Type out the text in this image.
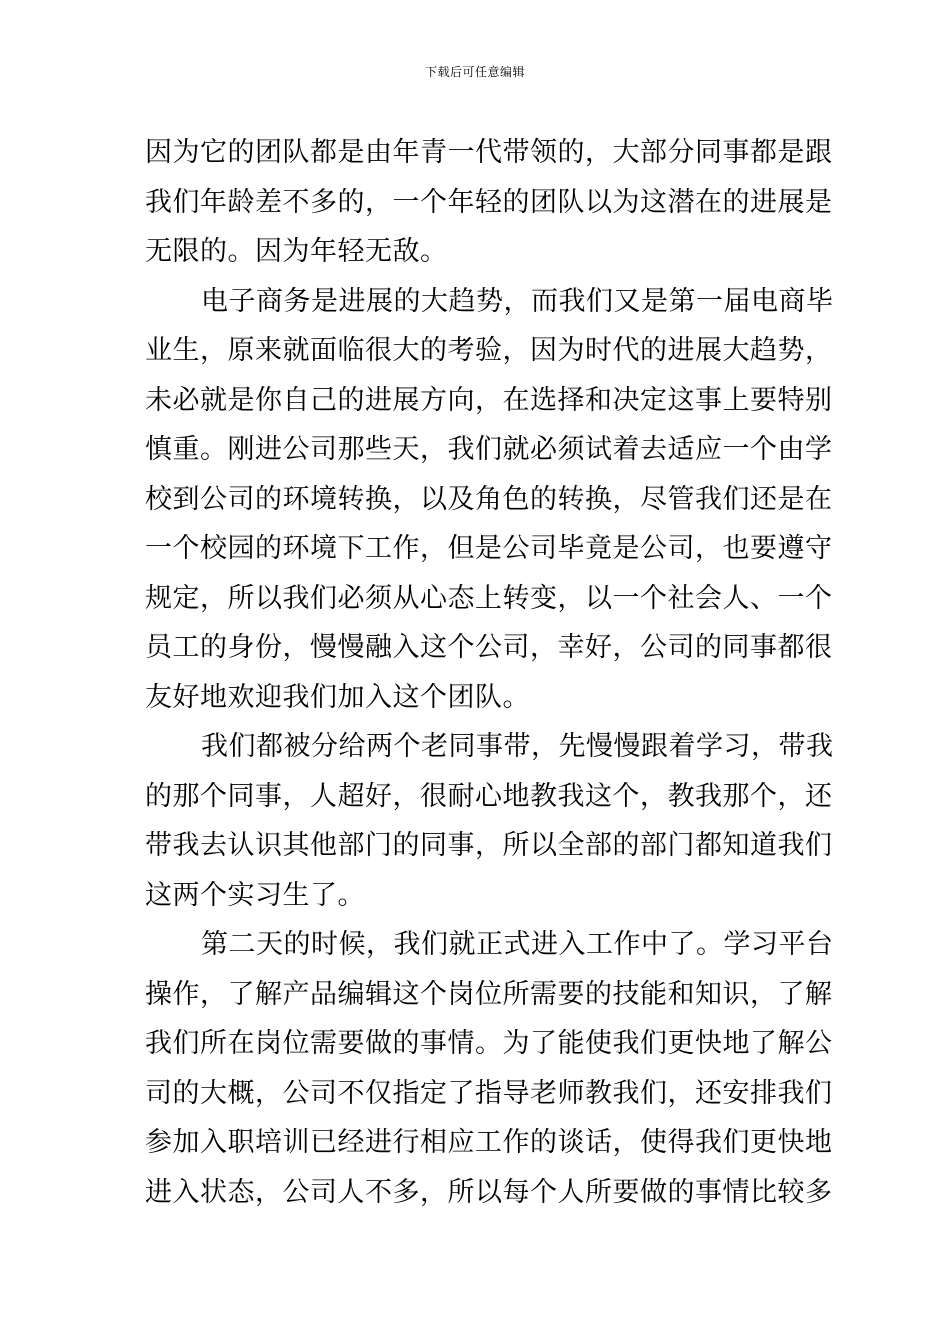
下载后可任意编辑
因为它的团队都是由年青一代带领的，大部分同事都是跟
我们年龄差不多的，一个年轻的团队以为这潜在的进展是
无限的。因为年轻无敌。
电子商务是进展的大趋势，而我们又是第一届电商毕
业生，原来就面临很大的考验，因为时代的进展大趋势，
未必就是你自己的进展方向，在选择和决定这事上要特别
慎重。刚进公司那些天，我们就必须试着去适应一个由学
校到公司的环境转换，以及角色的转换，尽管我们还是在
一个校园的环境下工作，但是公司毕竟是公司，也要遵守
规定，所以我们必须从心态上转变，以一个社会人、一个
员工的身份，慢慢融入这个公司，幸好，公司的同事都很
友好地欢迎我们加入这个团队。
我们都被分给两个老同事带，先慢慢跟着学习，带我
的那个同事，人超好，很耐心地教我这个，教我那个，还
带我去认识其他部门的同事，所以全部的部门都知道我们
这两个实习生了。
第二天的时候，我们就正式进入工作中了。学习平台
操作，了解产品编辑这个岗位所需要的技能和知识，了解
我们所在岗位需要做的事情。为了能使我们更快地了解公
司的大概，公司不仅指定了指导老师教我们，还安排我们
参加入职培训已经进行相应工作的谈话，使得我们更快地
进入状态，公司人不多，所以每个人所要做的事情比较多
